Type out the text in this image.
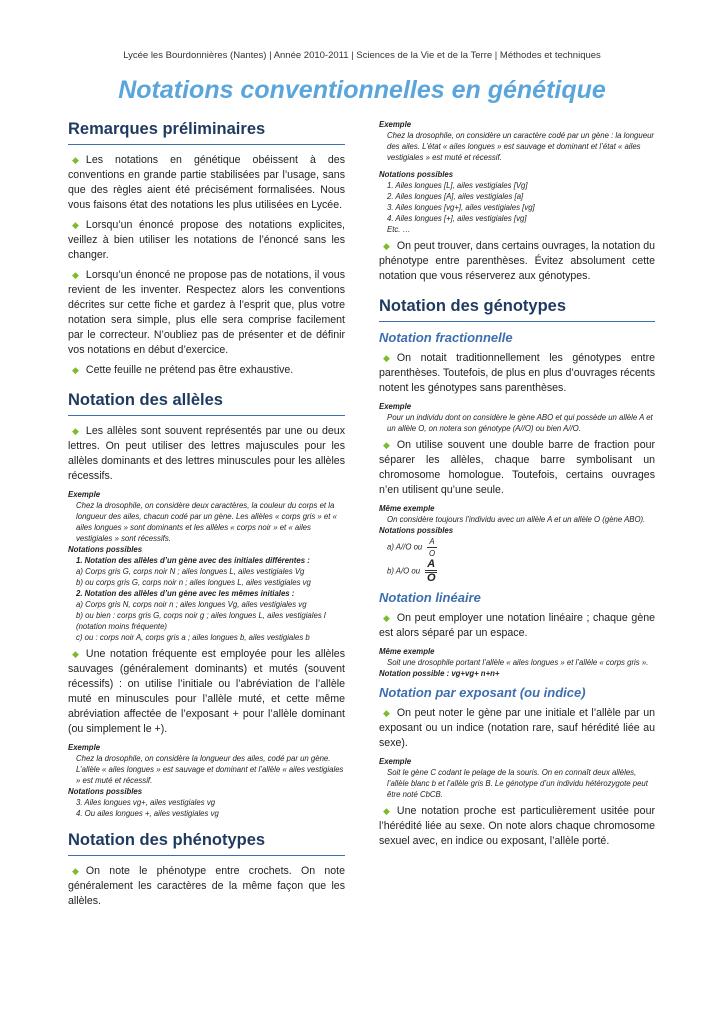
Lycée les Bourdonnières (Nantes) | Année 2010-2011 | Sciences de la Vie et de la Terre | Méthodes et techniques
Notations conventionnelles en génétique
Remarques préliminaires

◆ Les notations en génétique obéissent à des conventions en grande partie stabilisées par l’usage, sans que des règles aient été précisément formalisées. Nous vous faisons état des notations les plus utilisées en Lycée.

◆ Lorsqu’un énoncé propose des notations explicites, veillez à bien utiliser les notations de l’énoncé sans les changer.

◆ Lorsqu’un énoncé ne propose pas de notations, il vous revient de les inventer. Respectez alors les conventions décrites sur cette fiche et gardez à l’esprit que, plus votre notation sera simple, plus elle sera comprise facilement par le correcteur. N’oubliez pas de présenter et de définir vos notations en début d’exercice.

◆ Cette feuille ne prétend pas être exhaustive.

Notation des allèles

◆ Les allèles sont souvent représentés par une ou deux lettres. On peut utiliser des lettres majuscules pour les allèles dominants et des lettres minuscules pour les allèles récessifs.

Exemple
Chez la drosophile, on considère deux caractères, la couleur du corps et la longueur des ailes, chacun codé par un gène. Les allèles « corps gris » et « ailes longues » sont dominants et les allèles « corps noir » et « ailes vestigiales » sont récessifs.
Notations possibles
1. Notation des allèles d’un gène avec des initiales différentes :
a) Corps gris G, corps noir N ; ailes longues L, ailes vestigiales Vg
b) ou corps gris G, corps noir n ; ailes longues L, ailes vestigiales vg
2. Notation des allèles d’un gène avec les mêmes initiales :
a) Corps gris N, corps noir n ; ailes longues Vg, ailes vestigiales vg
b) ou bien : corps gris G, corps noir g ; ailes longues L, ailes vestigiales l (notation moins fréquente)
c) ou : corps noir A, corps gris a ; ailes longues b, ailes vestigiales b

◆ Une notation fréquente est employée pour les allèles sauvages (généralement dominants) et mutés (souvent récessifs) : on utilise l’initiale ou l’abréviation de l’allèle muté en minuscules pour l’allèle muté, et cette même abréviation affectée de l’exposant + pour l’allèle dominant (ou simplement le +).

Exemple
Chez la drosophile, on considère la longueur des ailes, codé par un gène. L’allèle « ailes longues » est sauvage et dominant et l’allèle « ailes vestigiales » est muté et récessif.
Notations possibles
3. Ailes longues vg+, ailes vestigiales vg
4. Ou ailes longues +, ailes vestigiales vg
Notation des phénotypes

◆ On note le phénotype entre crochets. On note généralement les caractères de la même façon que les allèles.

Exemple
Chez la drosophile, on considère un caractère codé par un gène : la longueur des ailes. L’état « ailes longues » est sauvage et dominant et l’état « ailes vestigiales » est muté et récessif.
Notations possibles
1. Ailes longues [L], ailes vestigiales [Vg]
2. Ailes longues [A], ailes vestigiales [a]
3. Ailes longues [vg+], ailes vestigiales [vg]
4. Ailes longues [+], ailes vestigiales [vg]
Etc. …

◆ On peut trouver, dans certains ouvrages, la notation du phénotype entre parenthèses. Évitez absolument cette notation que vous réserverez aux génotypes.

Notation des génotypes
Notation fractionnelle

◆ On notait traditionnellement les génotypes entre parenthèses. Toutefois, de plus en plus d’ouvrages récents notent les génotypes sans parenthèses.

Exemple
Pour un individu dont on considère le gène ABO et qui possède un allèle A et un allèle O, on notera son génotype (A//O) ou bien A//O.

◆ On utilise souvent une double barre de fraction pour séparer les allèles, chaque barre symbolisant un chromosome homologue. Toutefois, certains ouvrages n’en utilisent qu’une seule.

Même exemple
On considère toujours l’individu avec un allèle A et un allèle O (gène ABO).
Notations possibles
a) A//O ou $\frac{A}{O}$
b) A/O ou $\frac{A}{O}$
Notation linéaire

◆ On peut employer une notation linéaire ; chaque gène est alors séparé par un espace.

Même exemple
Soit une drosophile portant l’allèle « ailes longues » et l’allèle « corps gris ».
Notation possible : vg+vg+ n+n+
Notation par exposant (ou indice)

◆ On peut noter le gène par une initiale et l’allèle par un exposant ou un indice (notation rare, sauf hérédité liée au sexe).

Exemple
Soit le gène C codant le pelage de la souris. On en connaît deux allèles, l’allèle blanc b et l’allèle gris B. Le génotype d’un individu hétérozygote peut être noté CbCB.

◆ Une notation proche est particulièrement usitée pour l’hérédité liée au sexe. On note alors chaque chromosome sexuel avec, en indice ou exposant, l’allèle porté.
